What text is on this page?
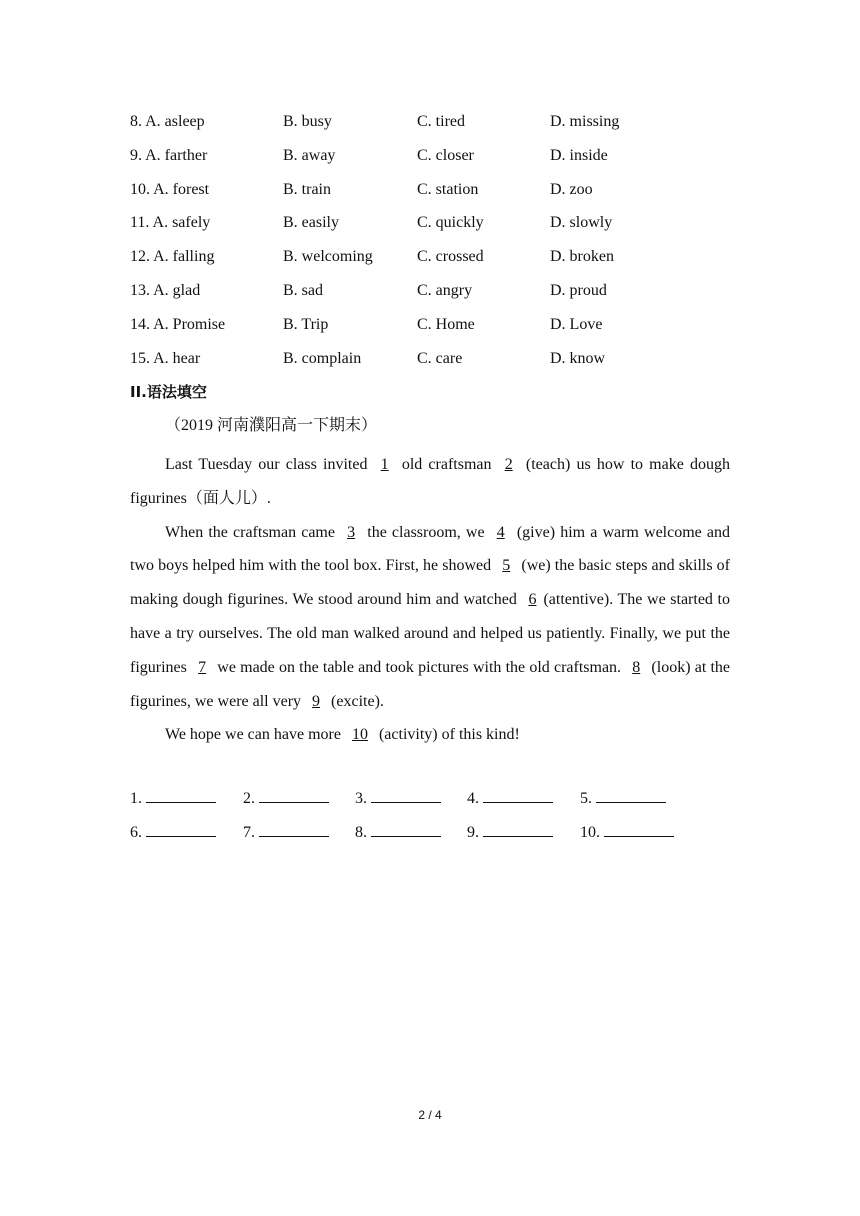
8. A. asleep	B. busy	C. tired	D. missing
9. A. farther	B. away	C. closer	D. inside
10. A. forest	B. train	C. station	D. zoo
11. A. safely	B. easily	C. quickly	D. slowly
12. A. falling	B. welcoming	C. crossed	D. broken
13. A. glad	B. sad	C. angry	D. proud
14. A. Promise	B. Trip	C. Home	D. Love
15. A. hear	B. complain	C. care	D. know
II.语法填空
（2019 河南濮阳高一下期末）

Last Tuesday our class invited 1 old craftsman 2 (teach) us how to make dough figurines（面人儿）.

When the craftsman came 3 the classroom, we 4 (give) him a warm welcome and two boys helped him with the tool box. First, he showed 5 (we) the basic steps and skills of making dough figurines. We stood around him and watched 6 (attentive). The we started to have a try ourselves. The old man walked around and helped us patiently. Finally, we put the figurines 7 we made on the table and took pictures with the old craftsman. 8 (look) at the figurines, we were all very 9 (excite).

We hope we can have more 10 (activity) of this kind!

1.	2.	3.	4.	5.
6.	7.	8.	9.	10.
2 / 4
